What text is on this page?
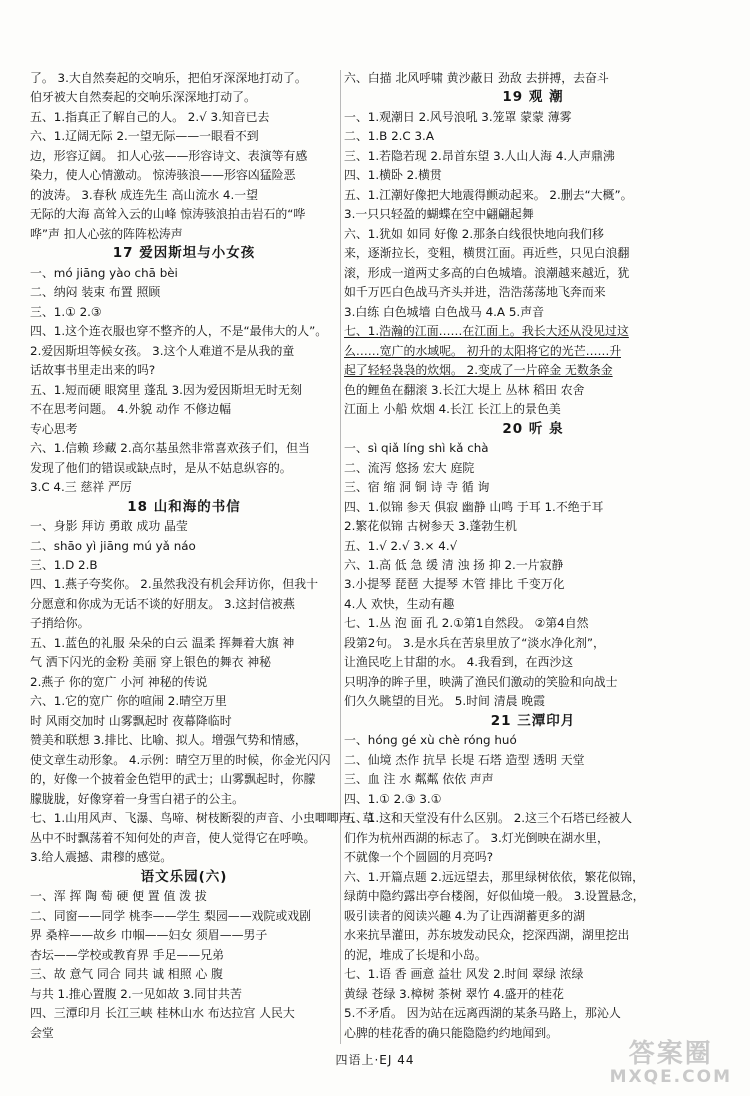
了。 3.大自然奏起的交响乐，把伯牙深深地打动了。
伯牙被大自然奏起的交响乐深深地打动了。
五、1.指真正了解自己的人。 2.√ 3.知音已去
六、1.辽阔无际 2.一望无际——一眼看不到
边，形容辽阔。 扣人心弦——形容诗文、表演等有感
染力，使人心情激动。 惊涛骇浪——形容凶猛险恶
的波涛。 3.春秋 成连先生 高山流水 4.一望
无际的大海 高耸入云的山峰 惊涛骇浪拍击岩石的“哗
哗”声 扣人心弦的阵阵松涛声
17 爱因斯坦与小女孩
一、mó jiāng yào chā bèi
二、纳闷 装束 布置 照顾
三、1.① 2.③
四、1.这个连衣服也穿不整齐的人，不是“最伟大的人”。
2.爱因斯坦等候女孩。 3.这个人难道不是从我的童
话故事书里走出来的吗?
五、1.短而硬 眼窝里 蓬乱 3.因为爱因斯坦无时无刻
不在思考问题。 4.外貌 动作 不修边幅
专心思考
六、1.信赖 珍藏 2.高尔基虽然非常喜欢孩子们，但当
发现了他们的错误或缺点时，是从不姑息纵容的。
3.C 4.三 慈祥 严厉
18 山和海的书信
一、身影 拜访 勇敢 成功 晶莹
二、shāo yì jiāng mú yǎ náo
三、1.D 2.B
四、1.燕子夸奖你。 2.虽然我没有机会拜访你，但我十
分愿意和你成为无话不谈的好朋友。 3.这封信被燕
子捎给你。
五、1.蓝色的礼服 朵朵的白云 温柔 挥舞着大旗 神
气 洒下闪光的金粉 美丽 穿上银色的舞衣 神秘
2.燕子 你的宽广 小河 神秘的传说
六、1.它的宽广 你的喧闹 2.晴空万里
时 风雨交加时 山雾飘起时 夜幕降临时
赞美和联想 3.排比、比喻、拟人。增强气势和情感，
使文章生动形象。 4.示例：晴空万里的时候，你金光闪闪
的，好像一个披着金色铠甲的武士；山雾飘起时，你朦
朦胧胧，好像穿着一身雪白裙子的公主。
七、1.山用风声、飞瀑、鸟啼、树枝断裂的声音、小虫唧唧声、草
丛中不时飘荡着不知何处的声音，使人觉得它在呼唤。
3.给人震撼、肃穆的感觉。
语文乐园(六)
一、浑 挥 陶 萄 硬 便 置 值 泼 拔
二、同窗——同学 桃李——学生 梨园——戏院或戏剧
界 桑梓——故乡 巾帼——妇女 须眉——男子
杏坛——学校或教育界 手足——兄弟
三、故 意气 同合 同共 诚 相照 心 腹
与共 1.推心置腹 2.一见如故 3.同甘共苦
四、三潭印月 长江三峡 桂林山水 布达拉宫 人民大
会堂
六、白描 北风呼啸 黄沙蔽日 劲敌 去拼搏，去奋斗
19 观 潮
一、1.观潮日 2.风号浪吼 3.笼罩 蒙蒙 薄雾
二、1.B 2.C 3.A
三、1.若隐若现 2.昂首东望 3.人山人海 4.人声鼎沸
四、1.横卧 2.横贯
五、1.江潮好像把大地震得颤动起来。 2.删去“大概”。
3.一只只轻盈的蝴蝶在空中翩翩起舞
六、1.犹如 如同 好像 2.那条白线很快地向我们移
来，逐渐拉长，变粗，横贯江面。再近些，只见白浪翻
滚，形成一道两丈多高的白色城墙。浪潮越来越近，犹
如千万匹白色战马齐头并进，浩浩荡荡地飞奔而来
3.白练 白色城墙 白色战马 4.A 5.声音
七、1.浩瀚的江面……在江面上。我长大还从没见过这
么……宽广的水域呢。 初升的太阳将它的光芒……升
起了轻轻袅袅的炊烟。 2.变成了一片碎金 无数条金
色的鲤鱼在翻滚 3.长江大堤上 丛林 稻田 农舍
江面上 小船 炊烟 4.长江 长江上的景色美
20 听 泉
一、sì qiǎ líng shì kǎ chà
二、流泻 悠扬 宏大 庭院
三、宿 缩 洞 铜 诗 寺 循 询
四、1.似锦 参天 俱寂 幽静 山鸣 于耳 1.不绝于耳
2.繁花似锦 古树参天 3.蓬勃生机
五、1.√ 2.√ 3.× 4.√
六、1.高 低 急 缓 清 浊 扬 抑 2.一片寂静
3.小提琴 琵琶 大提琴 木管 排比 千变万化
4.人 欢快，生动有趣
七、1.丛 泡 面 孔 2.①第1自然段。 ②第4自然
段第2句。 3.是水兵在苦泉里放了“淡水净化剂”，
让渔民吃上甘甜的水。 4.我看到，在西沙这
只明净的眸子里，映满了渔民们激动的笑脸和向战士
们久久眺望的目光。 5.时间 清晨 晚霞
21 三潭印月
一、hóng gé xù chè róng huó
二、仙境 杰作 抗旱 长堤 石塔 造型 透明 天堂
三、血 注 水 粼粼 依依 声声
四、1.① 2.③ 3.①
五、1.这和天堂没有什么区别。 2.这三个石塔已经被人
们作为杭州西湖的标志了。 3.灯光倒映在湖水里，
不就像一个个圆圆的月亮吗?
六、1.开篇点题 2.远远望去，那里绿树依依，繁花似锦，
绿荫中隐约露出亭台楼阁，好似仙境一般。 3.设置悬念，
吸引读者的阅读兴趣 4.为了让西湖蓄更多的湖
水来抗旱灌田，苏东坡发动民众，挖深西湖，湖里挖出
的泥，堆成了长堤和小岛。
七、1.语 香 画意 益壮 风发 2.时间 翠绿 浓绿
黄绿 苍绿 3.樟树 茶树 翠竹 4.盛开的桂花
5.不矛盾。 因为站在远离西湖的某条马路上，那沁人
心脾的桂花香的确只能隐隐约约地闻到。
四语上·EJ 44	答案圈
MXQE.COM
